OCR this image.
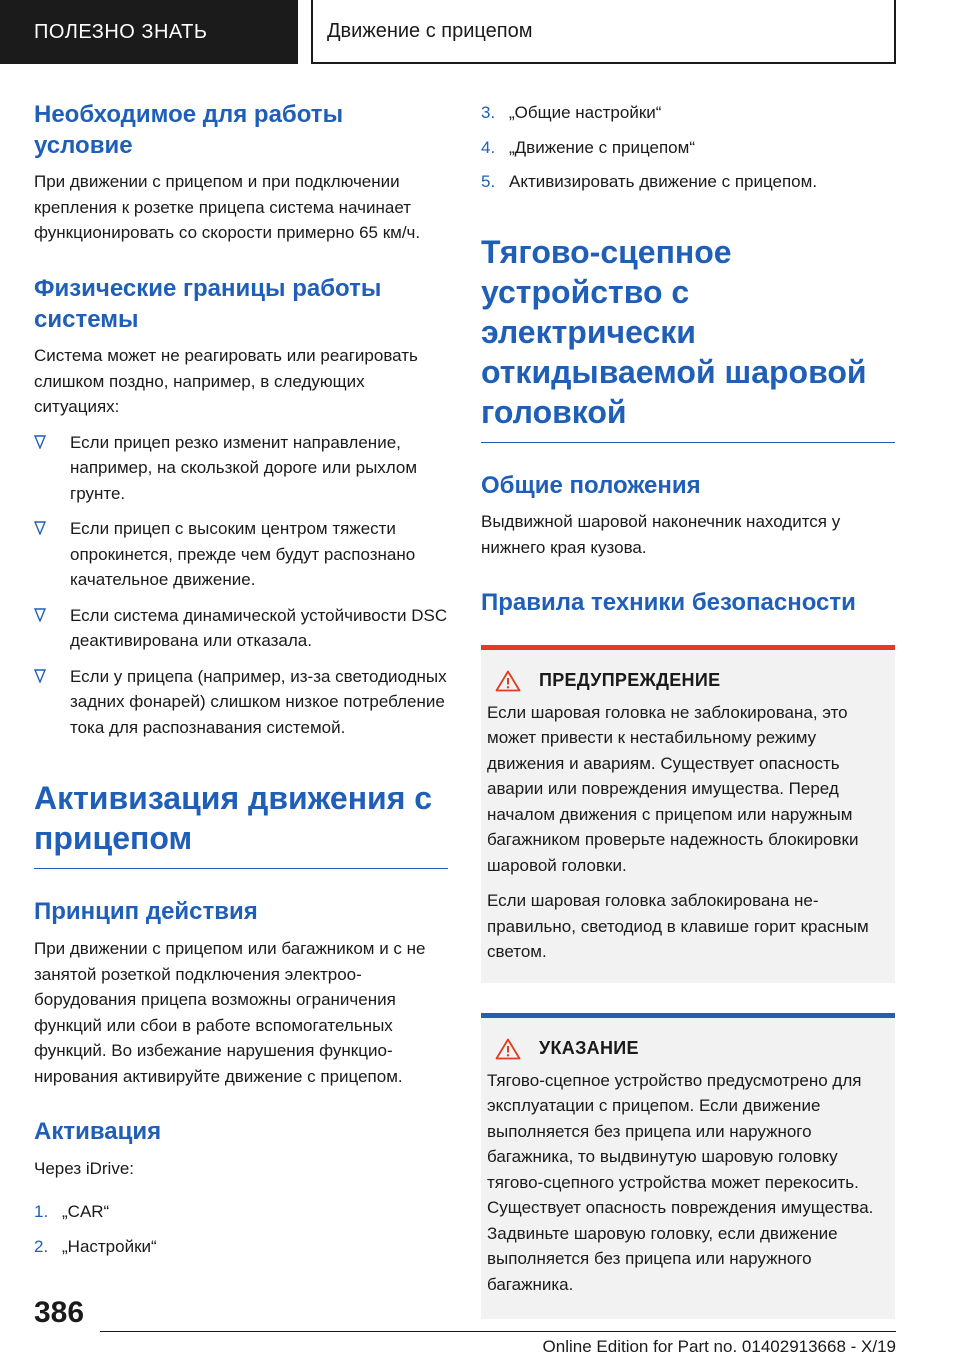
ПОЛЕЗНО ЗНАТЬ	Движение с прицепом
Необходимое для работы условие

При движении с прицепом и при подключении крепления к розетке прицепа система начинает функционировать со скорости примерно 65 км/ч.

Физические границы работы системы

Система может не реагировать или реагировать слишком поздно, например, в следующих ситуациях:

Если прицеп резко изменит направление, например, на скользкой дороге или рыхлом грунте.
Если прицеп с высоким центром тяжести опрокинется, прежде чем будут распознано качательное движение.
Если система динамической устойчивости DSC деактивирована или отказала.
Если у прицепа (например, из-за светодиодных задних фонарей) слишком низкое потребление тока для распознавания системой.
Активизация движения с прицепом
Принцип действия

При движении с прицепом или багажником и с не занятой розеткой подключения электрооборудования прицепа возможны ограничения функций или сбои в работе вспомогательных функций. Во избежание нарушения функционирования активируйте движение с прицепом.

Активация

Через iDrive:

1. „CAR“
2. „Настройки“
3. „Общие настройки“
4. „Движение с прицепом“
5. Активизировать движение с прицепом.
Тягово-сцепное устройство с электрически откидываемой шаровой головкой
Общие положения

Выдвижной шаровой наконечник находится у нижнего края кузова.

Правила техники безопасности
ПРЕДУПРЕЖДЕНИЕ

Если шаровая головка не заблокирована, это может привести к нестабильному режиму движения и авариям. Существует опасность аварии или повреждения имущества. Перед началом движения с прицепом или наружным багажником проверьте надежность блокировки шаровой головки.

Если шаровая головка заблокирована неправильно, светодиод в клавише горит красным светом.

УКАЗАНИЕ

Тягово-сцепное устройство предусмотрено для эксплуатации с прицепом. Если движение выполняется без прицепа или наружного багажника, то выдвинутую шаровую головку тягово-сцепного устройства может перекосить. Существует опасность повреждения имущества. Задвиньте шаровую головку, если движение выполняется без прицепа или наружного багажника.

386
Online Edition for Part no. 01402913668 - X/19
